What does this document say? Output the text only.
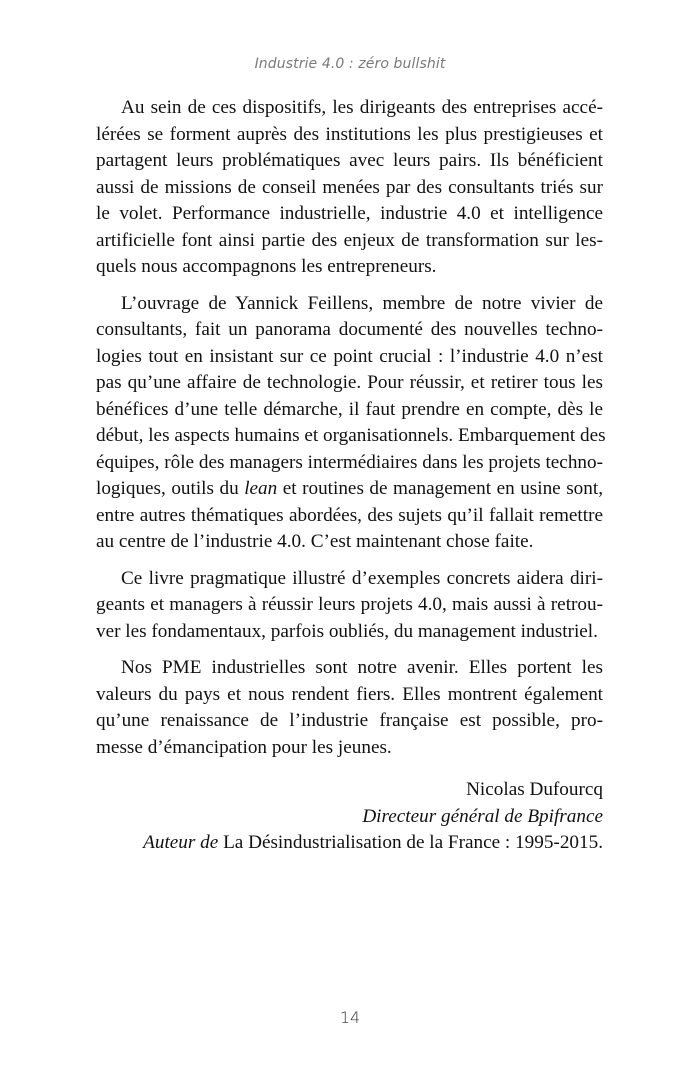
Industrie 4.0 : zéro bullshit
Au sein de ces dispositifs, les dirigeants des entreprises accé-
lérées se forment auprès des institutions les plus prestigieuses et
partagent leurs problématiques avec leurs pairs. Ils bénéficient
aussi de missions de conseil menées par des consultants triés sur
le volet. Performance industrielle, industrie 4.0 et intelligence
artificielle font ainsi partie des enjeux de transformation sur les-
quels nous accompagnons les entrepreneurs.
L’ouvrage de Yannick Feillens, membre de notre vivier de
consultants, fait un panorama documenté des nouvelles techno-
logies tout en insistant sur ce point crucial : l’industrie 4.0 n’est
pas qu’une affaire de technologie. Pour réussir, et retirer tous les
bénéfices d’une telle démarche, il faut prendre en compte, dès le
début, les aspects humains et organisationnels. Embarquement des
équipes, rôle des managers intermédiaires dans les projets techno-
logiques, outils du lean et routines de management en usine sont,
entre autres thématiques abordées, des sujets qu’il fallait remettre
au centre de l’industrie 4.0. C’est maintenant chose faite.
Ce livre pragmatique illustré d’exemples concrets aidera diri-
geants et managers à réussir leurs projets 4.0, mais aussi à retrou-
ver les fondamentaux, parfois oubliés, du management industriel.
Nos PME industrielles sont notre avenir. Elles portent les
valeurs du pays et nous rendent fiers. Elles montrent également
qu’une renaissance de l’industrie française est possible, pro-
messe d’émancipation pour les jeunes.
Nicolas Dufourcq
Directeur général de Bpifrance
Auteur de La Désindustrialisation de la France : 1995-2015.
14
